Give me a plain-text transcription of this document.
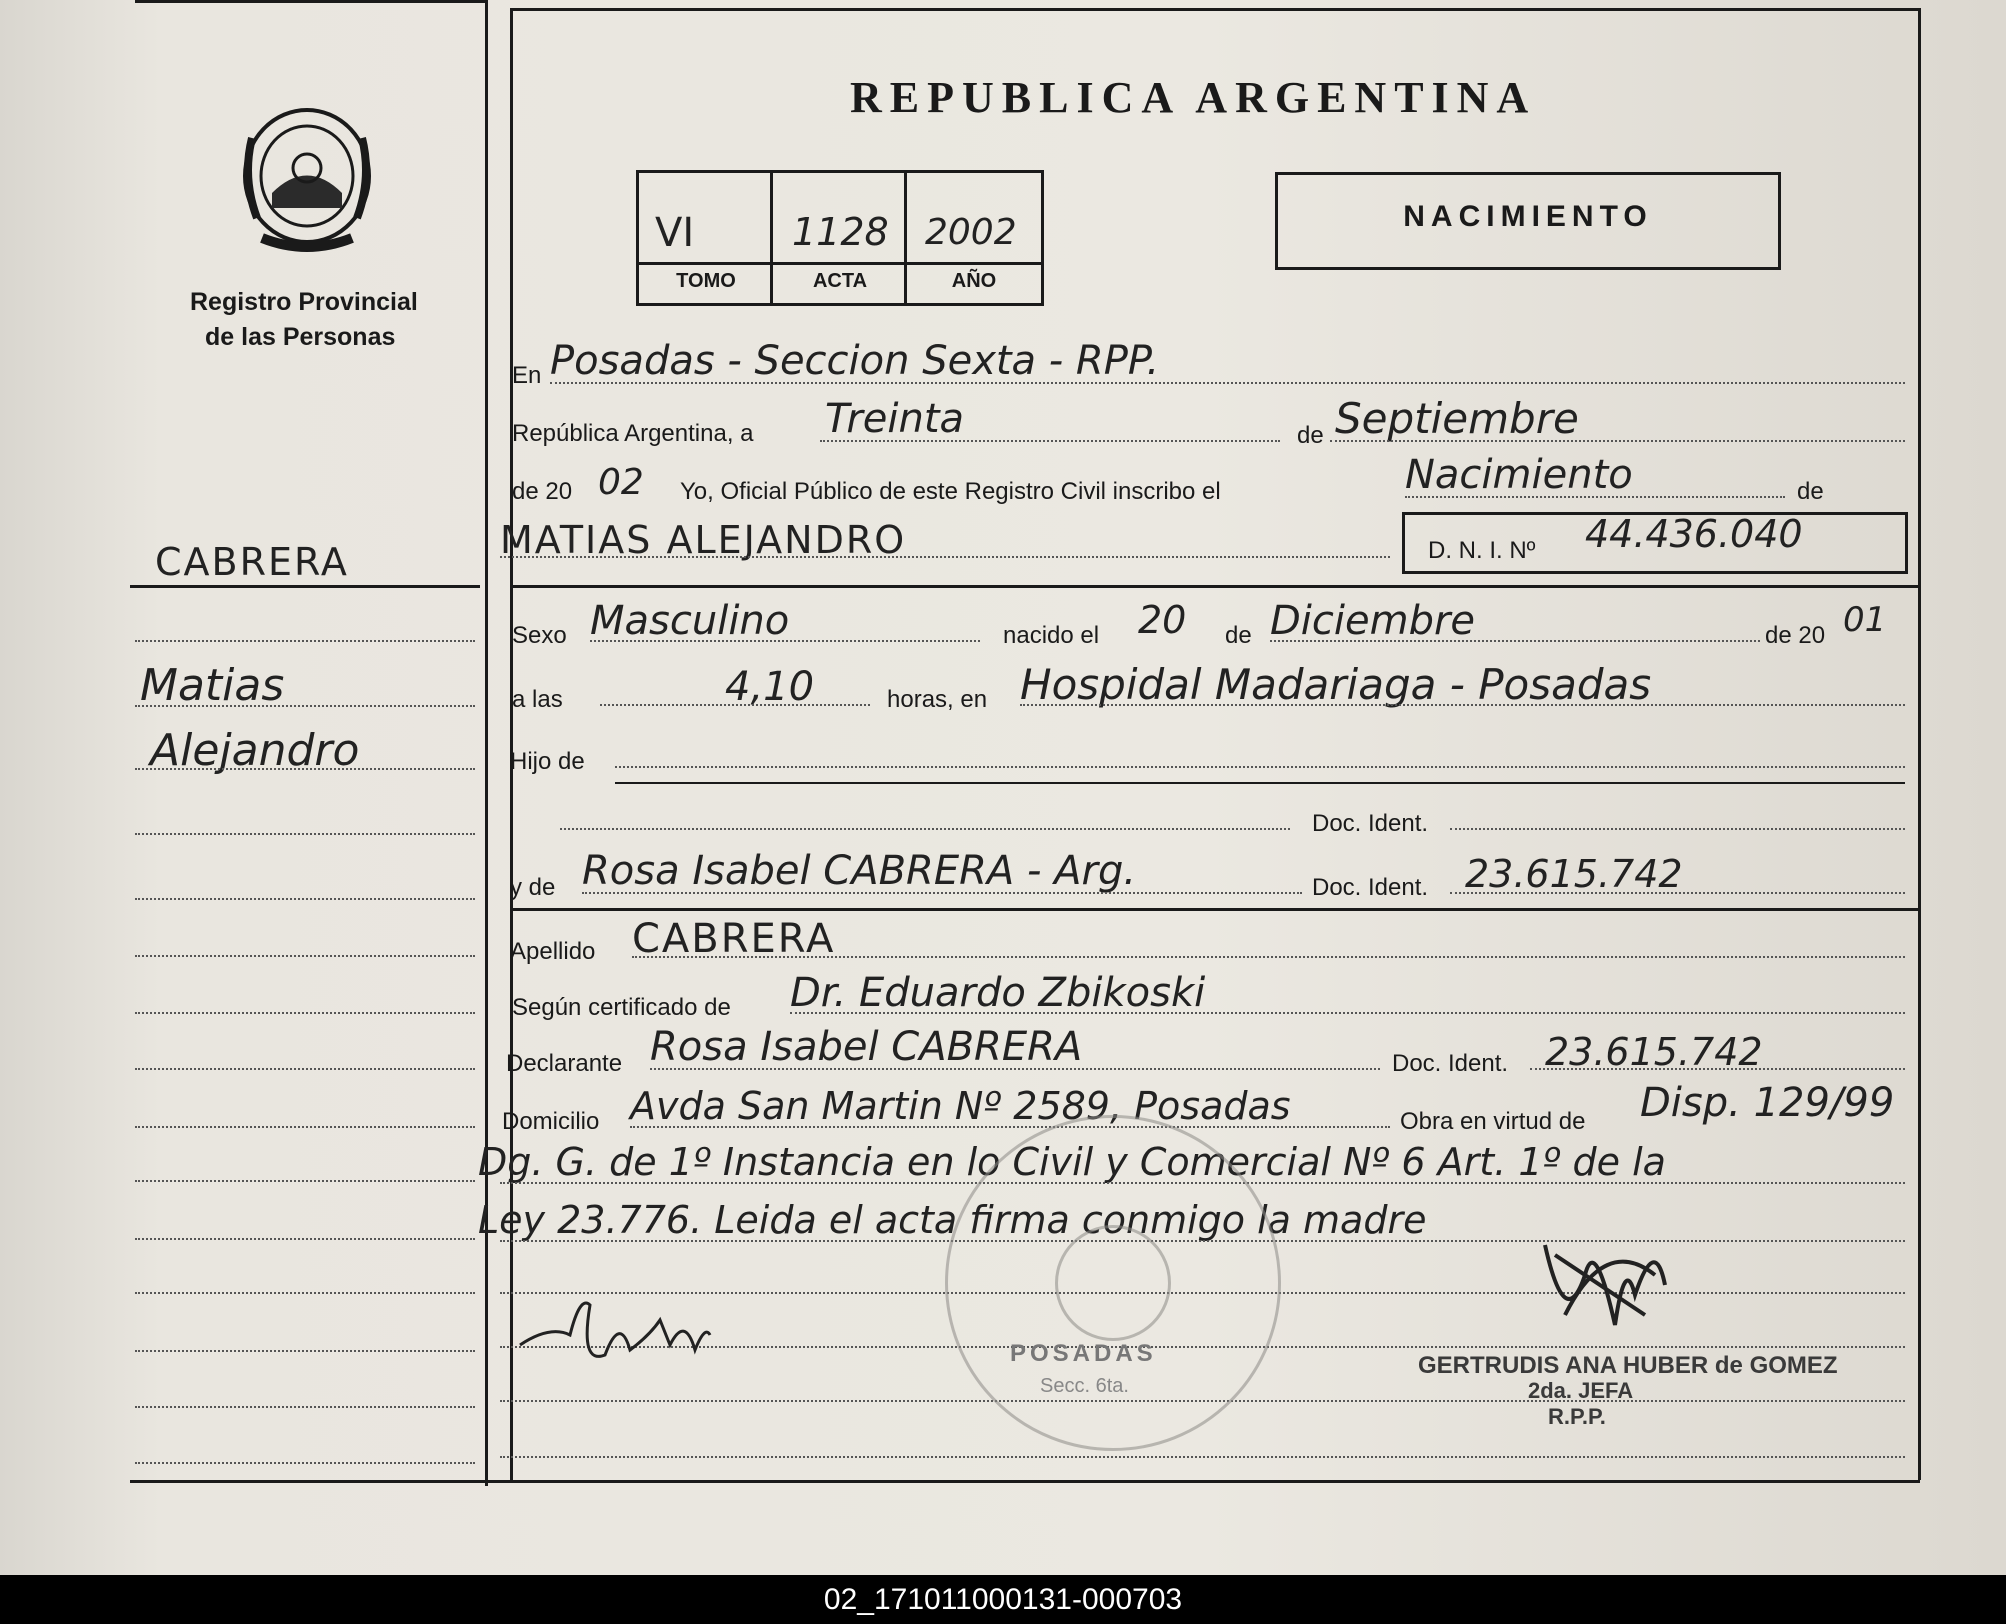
Registro Provincial
de las Personas
CABRERA
Matias
Alejandro
REPUBLICA ARGENTINA
VI	1128 2002
TOMO	ACTA	AÑO
NACIMIENTO
En Posadas - Seccion Sexta - RPP.
República Argentina, a Treinta	de Septiembre
de 20 02 Yo, Oficial Público de este Registro Civil inscribo el	Nacimiento	de
MATIAS ALEJANDRO	D. N. I. Nº 44.436.040
Sexo Masculino	nacido el 20 de Diciembre	de 20 01
a las	4,10	horas, en Hospidal Madariaga - Posadas
Hijo de
Doc. Ident.
y de Rosa Isabel CABRERA - Arg.	Doc. Ident. 23.615.742
Apellido CABRERA
Según certificado de Dr. Eduardo Zbikoski
Declarante Rosa Isabel CABRERA	Doc. Ident. 23.615.742
Domicilio Avda San Martin Nº 2589, Posadas	Obra en virtud de Disp. 129/99
Dg. G. de 1º Instancia en lo Civil y Comercial Nº 6 Art. 1º de la
Ley 23.776. Leida el acta firma conmigo la madre
POSADAS
Secc. 6ta.
GERTRUDIS ANA HUBER de GOMEZ
2da. JEFA
R.P.P.
02_171011000131-000703
